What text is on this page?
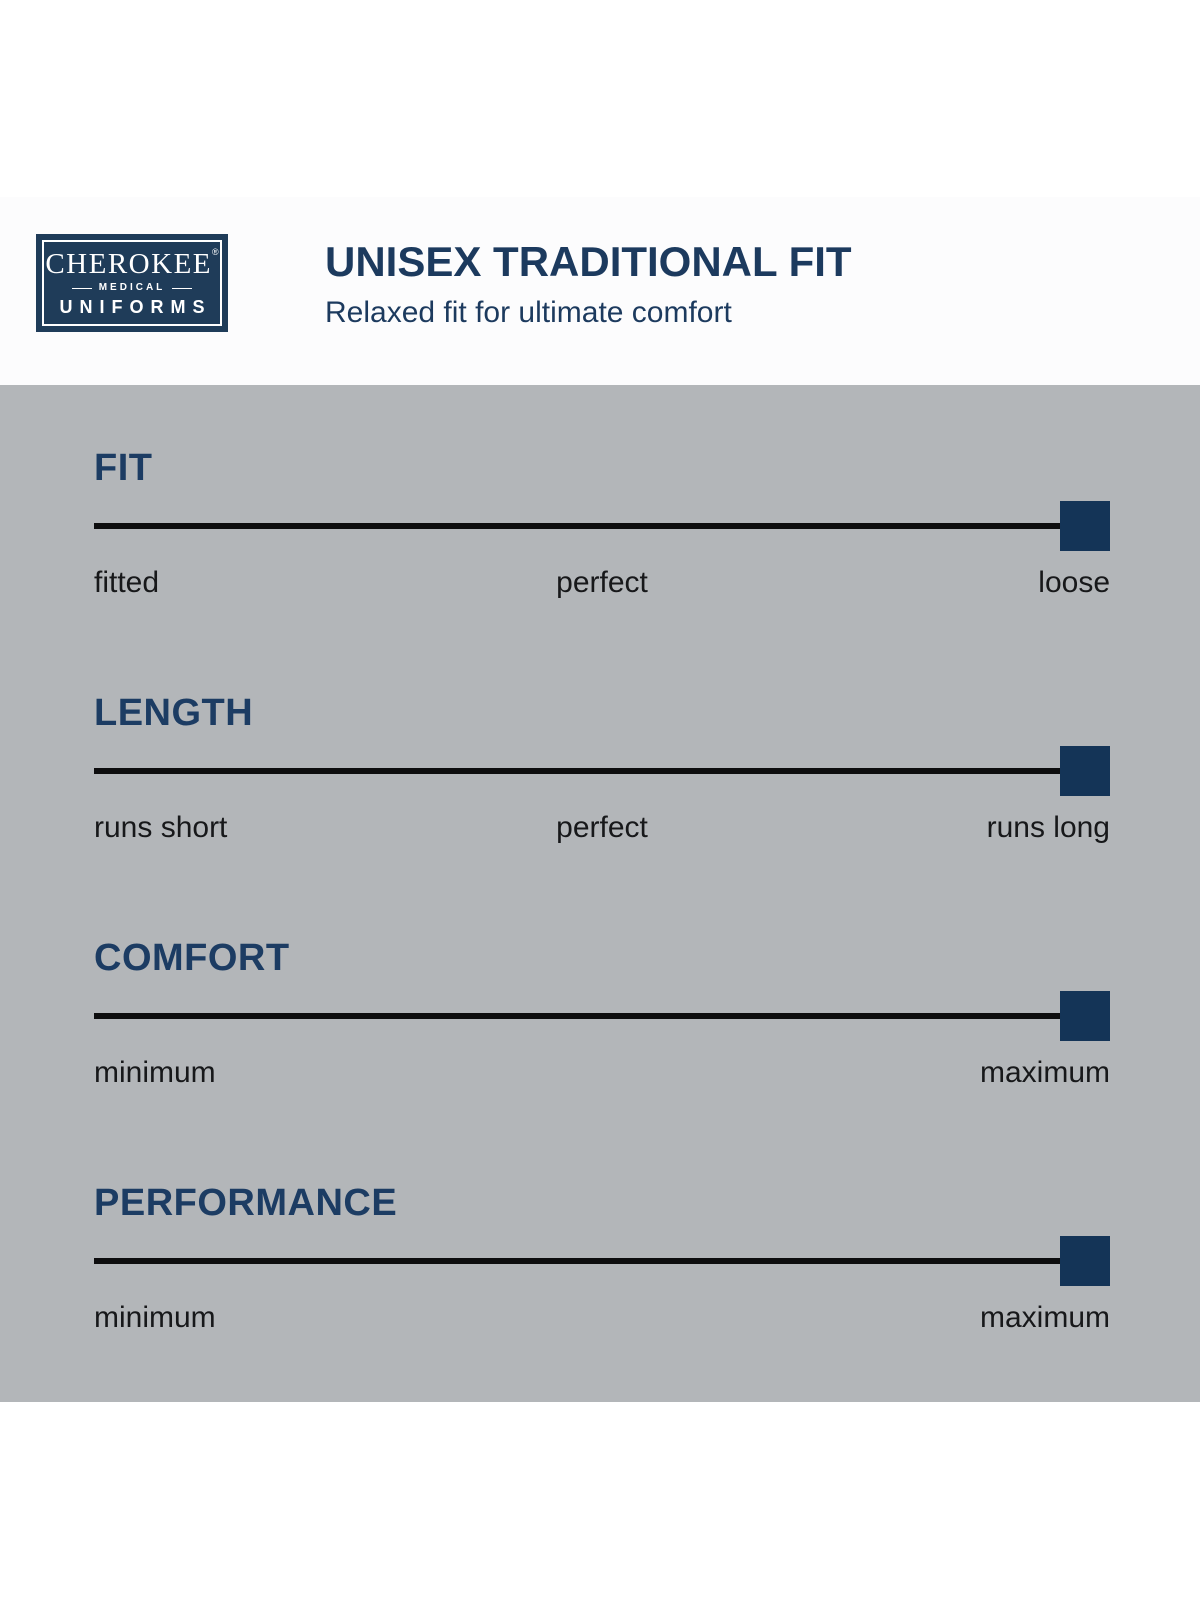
CHEROKEE®
MEDICAL
UNIFORMS
UNISEX TRADITIONAL FIT

Relaxed fit for ultimate comfort

FIT
fitted	perfect	loose
LENGTH
runs short	perfect	runs long
COMFORT
minimum	maximum
PERFORMANCE
minimum	maximum
